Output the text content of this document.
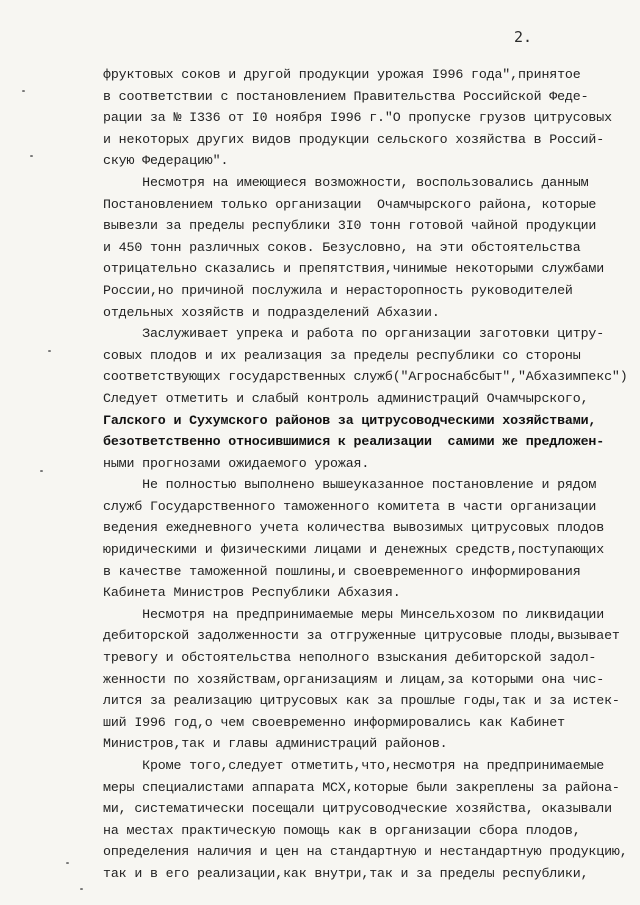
2.
фруктовых соков и другой продукции урожая I996 года",принятое
в соответствии с постановлением Правительства Российской Феде-
рации за № I336 от I0 ноября I996 г."О пропуске грузов цитрусовых
и некоторых других видов продукции сельского хозяйства в Россий-
скую Федерацию".
Несмотря на имеющиеся возможности, воспользовались данным
Постановлением только организации  Очамчырского района, которые
вывезли за пределы республики 3I0 тонн готовой чайной продукции
и 450 тонн различных соков. Безусловно, на эти обстоятельства
отрицательно сказались и препятствия,чинимые некоторыми службами
России,но причиной послужила и нерасторопность руководителей
отдельных хозяйств и подразделений Абхазии.
Заслуживает упрека и работа по организации заготовки цитру-
совых плодов и их реализация за пределы республики со стороны
соответствующих государственных служб("Агроснабсбыт","Абхазимпекс")
Следует отметить и слабый контроль администраций Очамчырского,
Галского и Сухумского районов за цитрусоводческими хозяйствами,
безответственно относившимися к реализации  самими же предложен-
ными прогнозами ожидаемого урожая.
Не полностью выполнено вышеуказанное постановление и рядом
служб Государственного таможенного комитета в части организации
ведения ежедневного учета количества вывозимых цитрусовых плодов
юридическими и физическими лицами и денежных средств,поступающих
в качестве таможенной пошлины,и своевременного информирования
Кабинета Министров Республики Абхазия.
Несмотря на предпринимаемые меры Минсельхозом по ликвидации
дебиторской задолженности за отгруженные цитрусовые плоды,вызывает
тревогу и обстоятельства неполного взыскания дебиторской задол-
женности по хозяйствам,организациям и лицам,за которыми она чис-
лится за реализацию цитрусовых как за прошлые годы,так и за истек-
ший I996 год,о чем своевременно информировались как Кабинет
Министров,так и главы администраций районов.
Кроме того,следует отметить,что,несмотря на предпринимаемые
меры специалистами аппарата МСХ,которые были закреплены за района-
ми, систематически посещали цитрусоводческие хозяйства, оказывали
на местах практическую помощь как в организации сбора плодов,
определения наличия и цен на стандартную и нестандартную продукцию,
так и в его реализации,как внутри,так и за пределы республики,
